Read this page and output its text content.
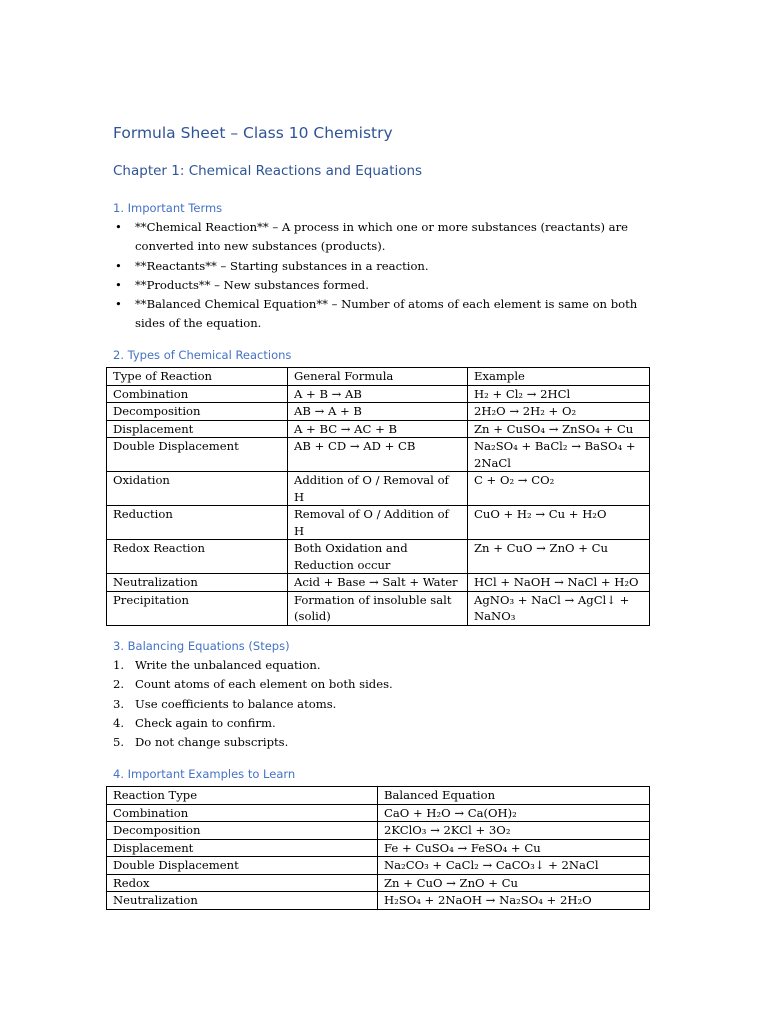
Formula Sheet – Class 10 Chemistry
Chapter 1: Chemical Reactions and Equations
1. Important Terms
• **Chemical Reaction** – A process in which one or more substances (reactants) are converted into new substances (products).
• **Reactants** – Starting substances in a reaction.
• **Products** – New substances formed.
• **Balanced Chemical Equation** – Number of atoms of each element is same on both sides of the equation.
2. Types of Chemical Reactions
Type of Reaction	General Formula	Example
Combination	A + B → AB	H₂ + Cl₂ → 2HCl
Decomposition	AB → A + B	2H₂O → 2H₂ + O₂
Displacement	A + BC → AC + B	Zn + CuSO₄ → ZnSO₄ + Cu
Double Displacement	AB + CD → AD + CB	Na₂SO₄ + BaCl₂ → BaSO₄ + 2NaCl
Oxidation	Addition of O / Removal of H	C + O₂ → CO₂
Reduction	Removal of O / Addition of H	CuO + H₂ → Cu + H₂O
Redox Reaction	Both Oxidation and Reduction occur	Zn + CuO → ZnO + Cu
Neutralization	Acid + Base → Salt + Water	HCl + NaOH → NaCl + H₂O
Precipitation	Formation of insoluble salt (solid)	AgNO₃ + NaCl → AgCl↓ + NaNO₃
3. Balancing Equations (Steps)
1. Write the unbalanced equation.
2. Count atoms of each element on both sides.
3. Use coefficients to balance atoms.
4. Check again to confirm.
5. Do not change subscripts.
4. Important Examples to Learn
Reaction Type	Balanced Equation
Combination	CaO + H₂O → Ca(OH)₂
Decomposition	2KClO₃ → 2KCl + 3O₂
Displacement	Fe + CuSO₄ → FeSO₄ + Cu
Double Displacement	Na₂CO₃ + CaCl₂ → CaCO₃↓ + 2NaCl
Redox	Zn + CuO → ZnO + Cu
Neutralization	H₂SO₄ + 2NaOH → Na₂SO₄ + 2H₂O
